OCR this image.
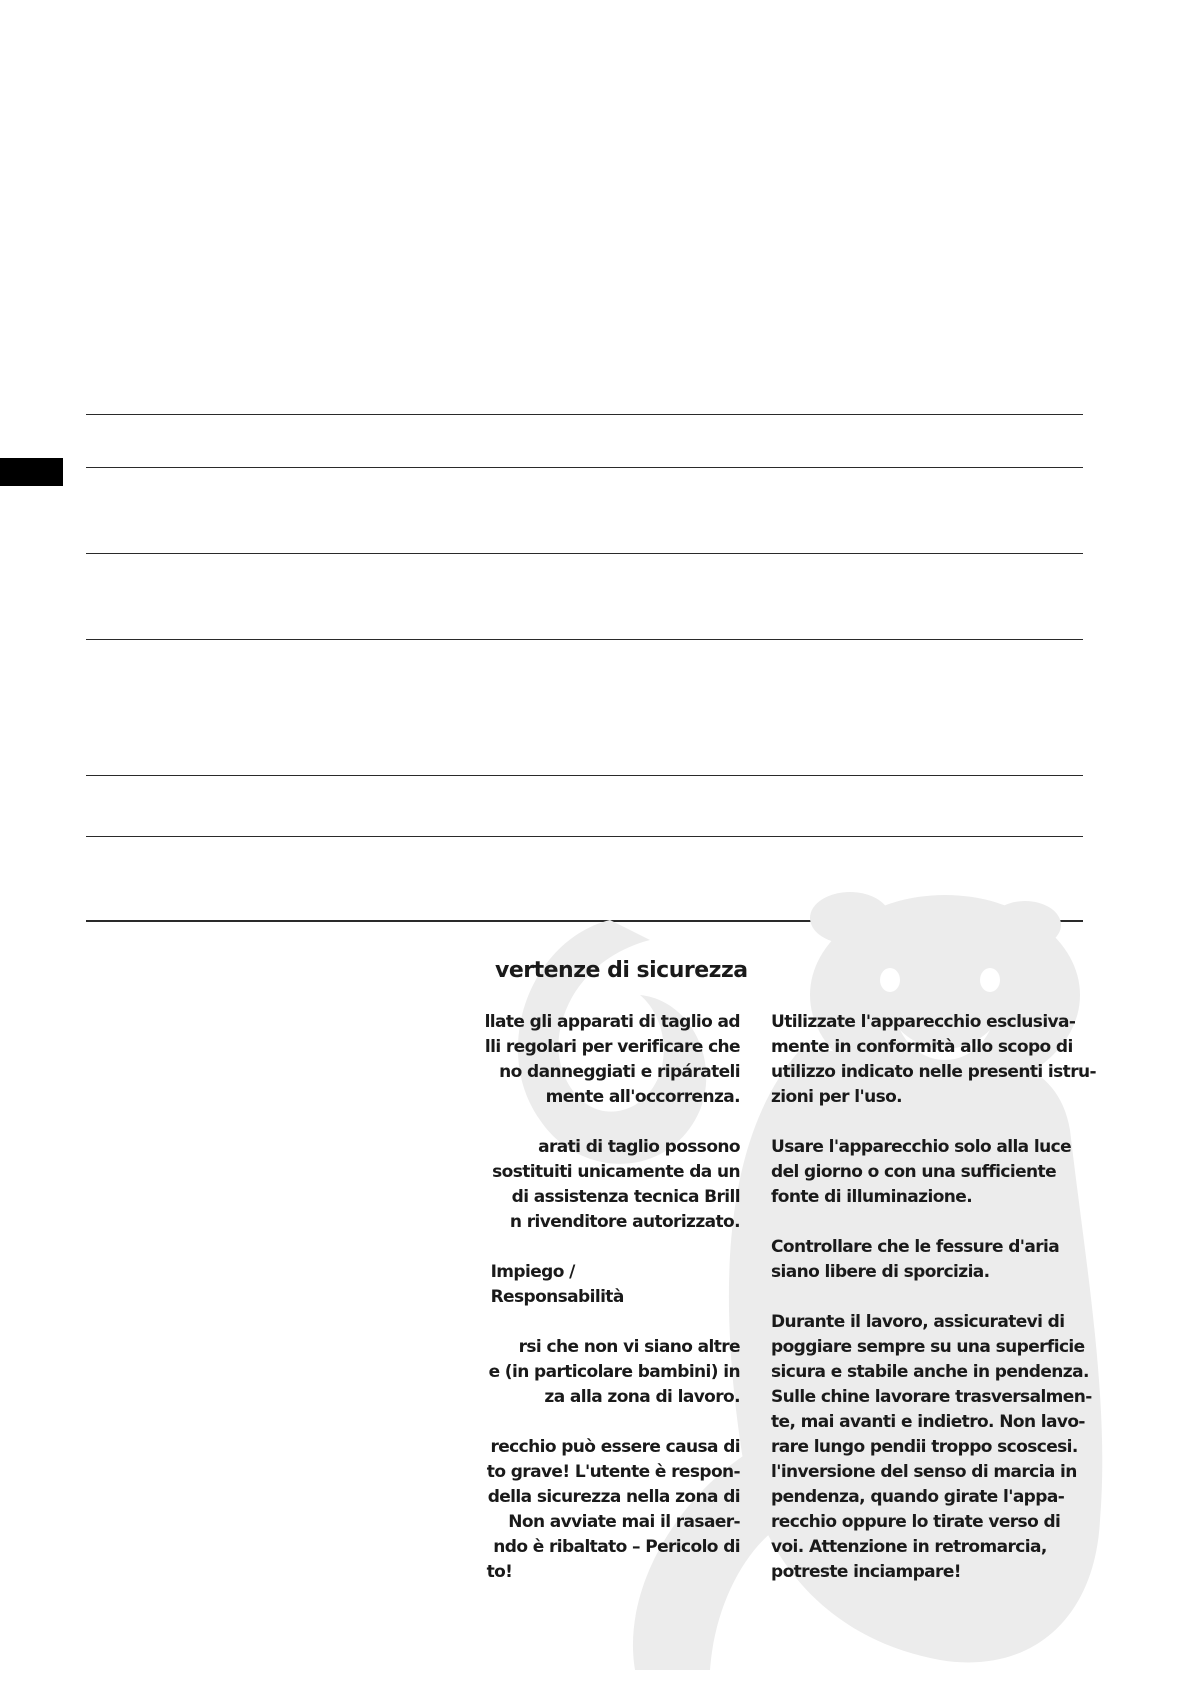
vertenze di sicurezza
llate gli apparati di taglio ad
lli regolari per verificare che
no danneggiati e ripárateli
mente all'occorrenza.
arati di taglio possono
sostituiti unicamente da un
di assistenza tecnica Brill
n rivenditore autorizzato.
Impiego /
Responsabilità
rsi che non vi siano altre
e (in particolare bambini) in
za alla zona di lavoro.
recchio può essere causa di
to grave! L'utente è respon-
della sicurezza nella zona di
Non avviate mai il rasaer-
ndo è ribaltato – Pericolo di
to!
Utilizzate l'apparecchio esclusiva-
mente in conformità allo scopo di
utilizzo indicato nelle presenti istru-
zioni per l'uso.
Usare l'apparecchio solo alla luce
del giorno o con una sufficiente
fonte di illuminazione.
Controllare che le fessure d'aria
siano libere di sporcizia.
Durante il lavoro, assicuratevi di
poggiare sempre su una superficie
sicura e stabile anche in pendenza.
Sulle chine lavorare trasversalmen-
te, mai avanti e indietro. Non lavo-
rare lungo pendii troppo scoscesi.
l'inversione del senso di marcia in
pendenza, quando girate l'appa-
recchio oppure lo tirate verso di
voi. Attenzione in retromarcia,
potreste inciampare!
